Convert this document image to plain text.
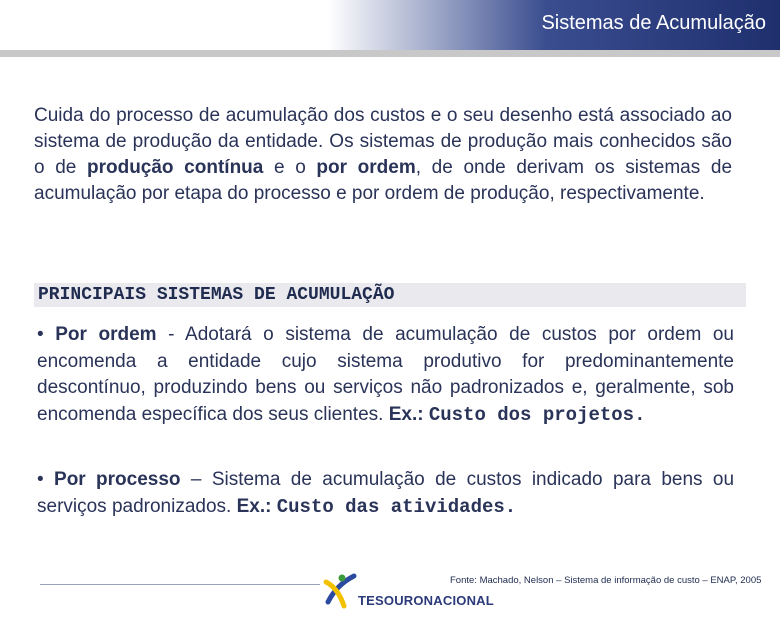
Sistemas de Acumulação
Cuida do processo de acumulação dos custos e o seu desenho está associado ao sistema de produção da entidade. Os sistemas de produção mais conhecidos são o de produção contínua e o por ordem, de onde derivam os sistemas de acumulação por etapa do processo e por ordem de produção, respectivamente.
PRINCIPAIS SISTEMAS DE ACUMULAÇÃO
• Por ordem - Adotará o sistema de acumulação de custos por ordem ou encomenda a entidade cujo sistema produtivo for predominantemente descontínuo, produzindo bens ou serviços não padronizados e, geralmente, sob encomenda específica dos seus clientes. Ex.: Custo dos projetos.
• Por processo – Sistema de acumulação de custos indicado para bens ou serviços padronizados. Ex.: Custo das atividades.
TESOURONACIONAL
Fonte: Machado, Nelson – Sistema de informação de custo – ENAP, 2005
